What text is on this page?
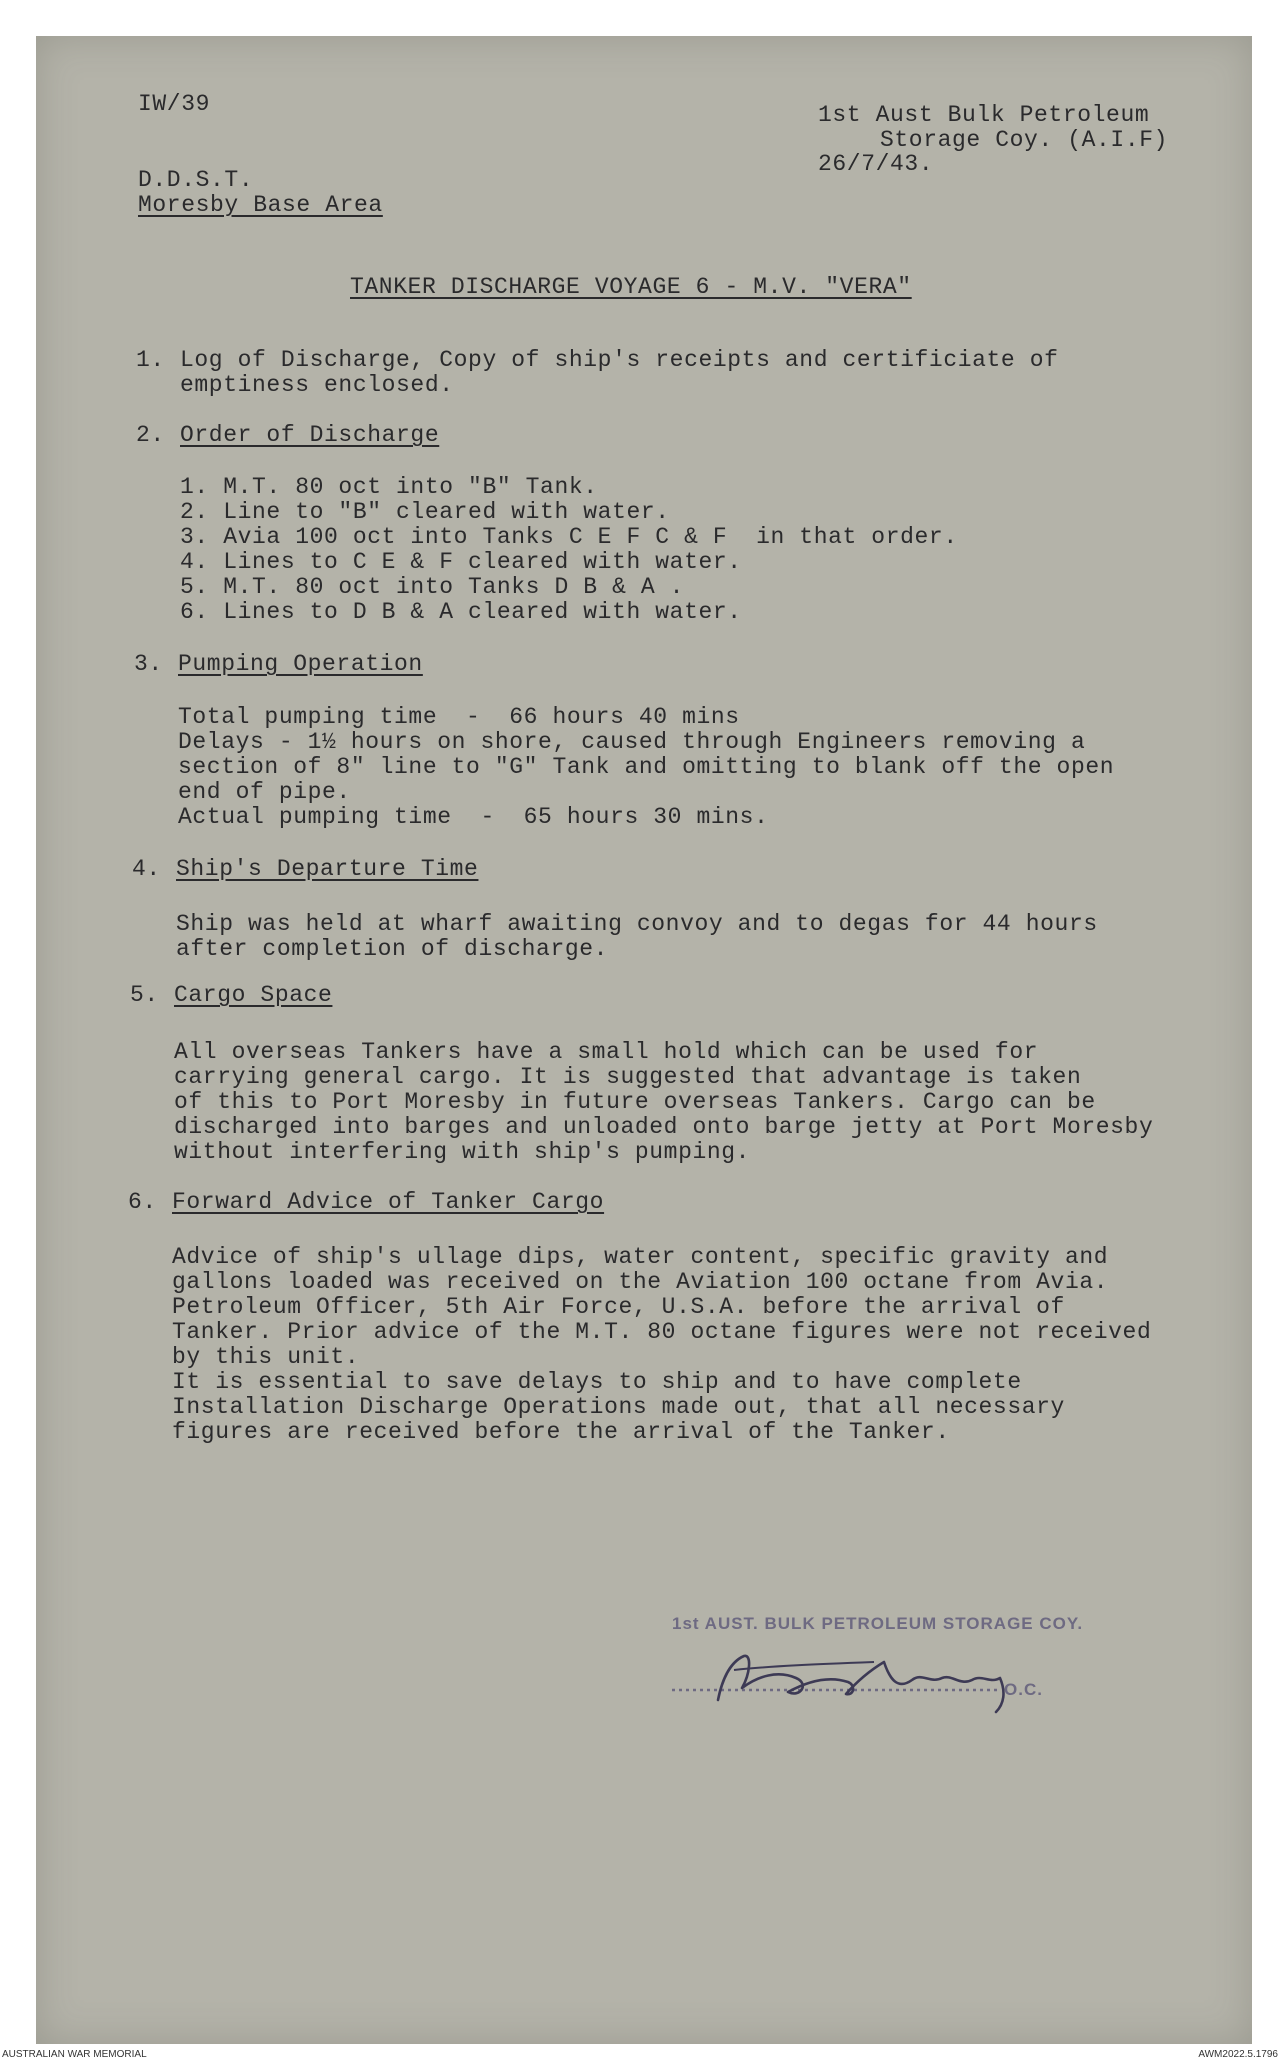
IW/39	1st Aust Bulk Petroleum
Storage Coy. (A.I.F)
26/7/43.
D.D.S.T.
Moresby Base Area
TANKER DISCHARGE VOYAGE 6 - M.V. "VERA"
1. Log of Discharge, Copy of ship's receipts and certificiate of
emptiness enclosed.
2. Order of Discharge
1. M.T. 80 oct into "B" Tank.
2. Line to "B" cleared with water.
3. Avia 100 oct into Tanks C E F C & F  in that order.
4. Lines to C E & F cleared with water.
5. M.T. 80 oct into Tanks D B & A .
6. Lines to D B & A cleared with water.
3. Pumping Operation
Total pumping time  -  66 hours 40 mins
Delays - 1½ hours on shore, caused through Engineers removing a
section of 8" line to "G" Tank and omitting to blank off the open
end of pipe.
Actual pumping time  -  65 hours 30 mins.
4. Ship's Departure Time
Ship was held at wharf awaiting convoy and to degas for 44 hours
after completion of discharge.
5. Cargo Space
All overseas Tankers have a small hold which can be used for
carrying general cargo. It is suggested that advantage is taken
of this to Port Moresby in future overseas Tankers. Cargo can be
discharged into barges and unloaded onto barge jetty at Port Moresby
without interfering with ship's pumping.
6. Forward Advice of Tanker Cargo
Advice of ship's ullage dips, water content, specific gravity and
gallons loaded was received on the Aviation 100 octane from Avia.
Petroleum Officer, 5th Air Force, U.S.A. before the arrival of
Tanker. Prior advice of the M.T. 80 octane figures were not received
by this unit.
It is essential to save delays to ship and to have complete
Installation Discharge Operations made out, that all necessary
figures are received before the arrival of the Tanker.
1st AUST. BULK PETROLEUM STORAGE COY.
O.C.
AUSTRALIAN WAR MEMORIAL	AWM2022.5.1796
